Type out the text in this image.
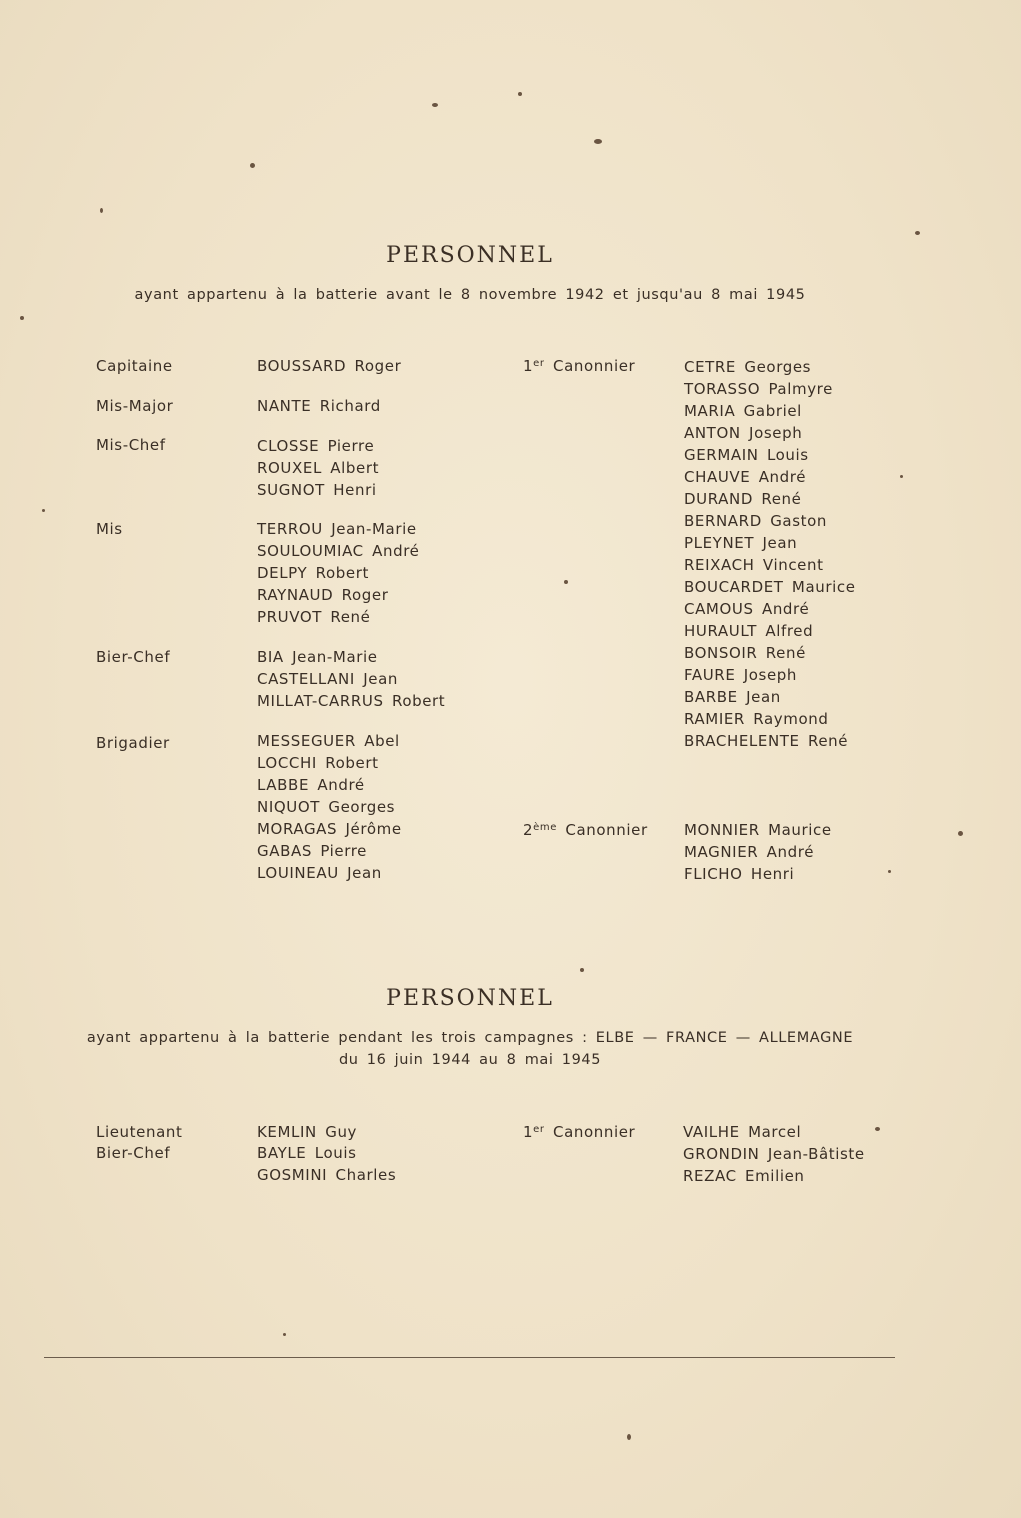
PERSONNEL
ayant appartenu à la batterie avant le 8 novembre 1942 et jusqu'au 8 mai 1945
Capitaine
Mis-Major
Mis-Chef
Mis
Bier-Chef
Brigadier
BOUSSARD Roger
NANTE Richard
CLOSSE Pierre
ROUXEL Albert
SUGNOT Henri
TERROU Jean-Marie
SOULOUMIAC André
DELPY Robert
RAYNAUD Roger
PRUVOT René
BIA Jean-Marie
CASTELLANI Jean
MILLAT-CARRUS Robert
MESSEGUER Abel
LOCCHI Robert
LABBE André
NIQUOT Georges
MORAGAS Jérôme
GABAS Pierre
LOUINEAU Jean
1er Canonnier
2ème Canonnier
CETRE Georges
TORASSO Palmyre
MARIA Gabriel
ANTON Joseph
GERMAIN Louis
CHAUVE André
DURAND René
BERNARD Gaston
PLEYNET Jean
REIXACH Vincent
BOUCARDET Maurice
CAMOUS André
HURAULT Alfred
BONSOIR René
FAURE Joseph
BARBE Jean
RAMIER Raymond
BRACHELENTE René
MONNIER Maurice
MAGNIER André
FLICHO Henri
PERSONNEL
ayant appartenu à la batterie pendant les trois campagnes : ELBE — FRANCE — ALLEMAGNE
du 16 juin 1944 au 8 mai 1945
Lieutenant
Bier-Chef
KEMLIN Guy
BAYLE Louis
GOSMINI Charles
1er Canonnier	VAILHE Marcel
GRONDIN Jean-Bâtiste
REZAC Emilien
